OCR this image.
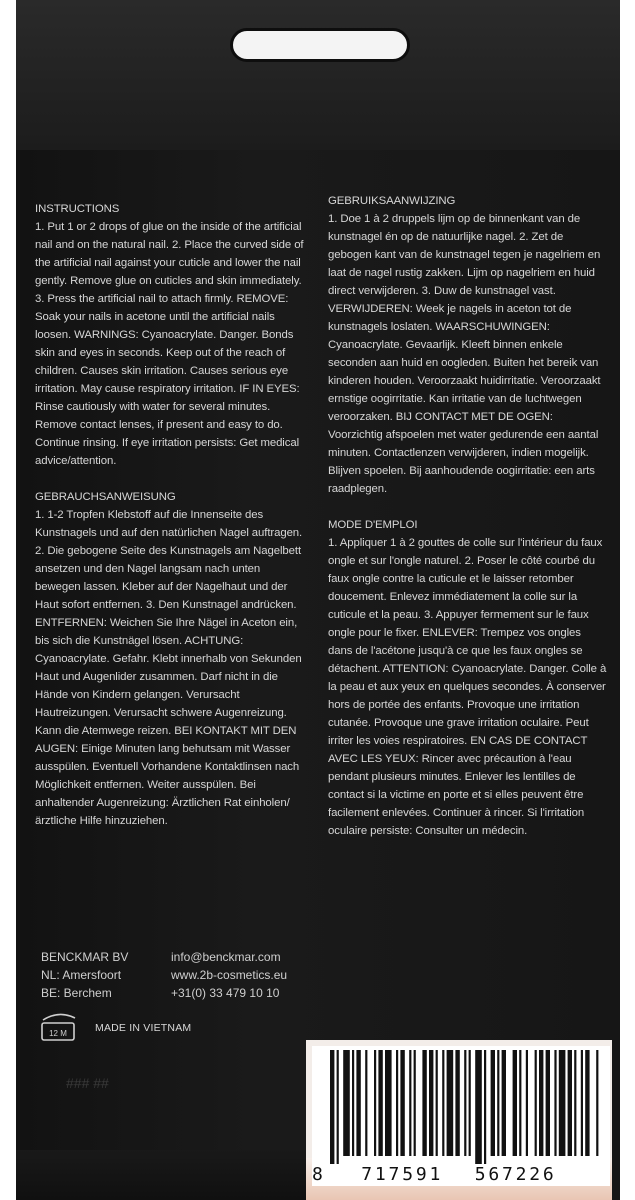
INSTRUCTIONS
1. Put 1 or 2 drops of glue on the inside of the artificial nail and on the natural nail. 2. Place the curved side of the artificial nail against your cuticle and lower the nail gently. Remove glue on cuticles and skin immediately. 3. Press the artificial nail to attach firmly. REMOVE: Soak your nails in acetone until the artificial nails loosen. WARNINGS: Cyanoacrylate. Danger. Bonds skin and eyes in seconds. Keep out of the reach of children. Causes skin irritation. Causes serious eye irritation. May cause respiratory irritation. IF IN EYES: Rinse cautiously with water for several minutes. Remove contact lenses, if present and easy to do. Continue rinsing. If eye irritation persists: Get medical advice/attention.

GEBRAUCHSANWEISUNG
1. 1-2 Tropfen Klebstoff auf die Innenseite des Kunstnagels und auf den natürlichen Nagel auftragen. 2. Die gebogene Seite des Kunstnagels am Nagelbett ansetzen und den Nagel langsam nach unten bewegen lassen. Kleber auf der Nagelhaut und der Haut sofort entfernen. 3. Den Kunstnagel andrücken. ENTFERNEN: Weichen Sie Ihre Nägel in Aceton ein, bis sich die Kunstnägel lösen. ACHTUNG: Cyanoacrylate. Gefahr. Klebt innerhalb von Sekunden Haut und Augenlider zusammen. Darf nicht in die Hände von Kindern gelangen. Verursacht Hautreizungen. Verursacht schwere Augenreizung. Kann die Atemwege reizen. BEI KONTAKT MIT DEN AUGEN: Einige Minuten lang behutsam mit Wasser ausspülen. Eventuell Vorhandene Kontaktlinsen nach Möglichkeit entfernen. Weiter ausspülen. Bei anhaltender Augenreizung: Ärztlichen Rat einholen/ärztliche Hilfe hinzuziehen.

GEBRUIKSAANWIJZING
1. Doe 1 à 2 druppels lijm op de binnenkant van de kunstnagel én op de natuurlijke nagel. 2. Zet de gebogen kant van de kunstnagel tegen je nagelriem en laat de nagel rustig zakken. Lijm op nagelriem en huid direct verwijderen. 3. Duw de kunstnagel vast. VERWIJDEREN: Week je nagels in aceton tot de kunstnagels loslaten. WAARSCHUWINGEN: Cyanoacrylate. Gevaarlijk. Kleeft binnen enkele seconden aan huid en oogleden. Buiten het bereik van kinderen houden. Veroorzaakt huidirritatie. Veroorzaakt ernstige oogirritatie. Kan irritatie van de luchtwegen veroorzaken. BIJ CONTACT MET DE OGEN: Voorzichtig afspoelen met water gedurende een aantal minuten. Contactlenzen verwijderen, indien mogelijk. Blijven spoelen. Bij aanhoudende oogirritatie: een arts raadplegen.

MODE D'EMPLOI
1. Appliquer 1 à 2 gouttes de colle sur l'intérieur du faux ongle et sur l'ongle naturel. 2. Poser le côté courbé du faux ongle contre la cuticule et le laisser retomber doucement. Enlevez immédiatement la colle sur la cuticule et la peau. 3. Appuyer fermement sur le faux ongle pour le fixer. ENLEVER: Trempez vos ongles dans de l'acétone jusqu'à ce que les faux ongles se détachent. ATTENTION: Cyanoacrylate. Danger. Colle à la peau et aux yeux en quelques secondes. À conserver hors de portée des enfants. Provoque une irritation cutanée. Provoque une grave irritation oculaire. Peut irriter les voies respiratoires. EN CAS DE CONTACT AVEC LES YEUX: Rincer avec précaution à l'eau pendant plusieurs minutes. Enlever les lentilles de contact si la victime en porte et si elles peuvent être facilement enlevées. Continuer à rincer. Si l'irritation oculaire persiste: Consulter un médecin.

BENCKMAR BV
NL: Amersfoort
BE: Berchem
info@benckmar.com
www.2b-cosmetics.eu
+31(0) 33 479 10 10
12 M	MADE IN VIETNAM
### ##
8 717591 567226
